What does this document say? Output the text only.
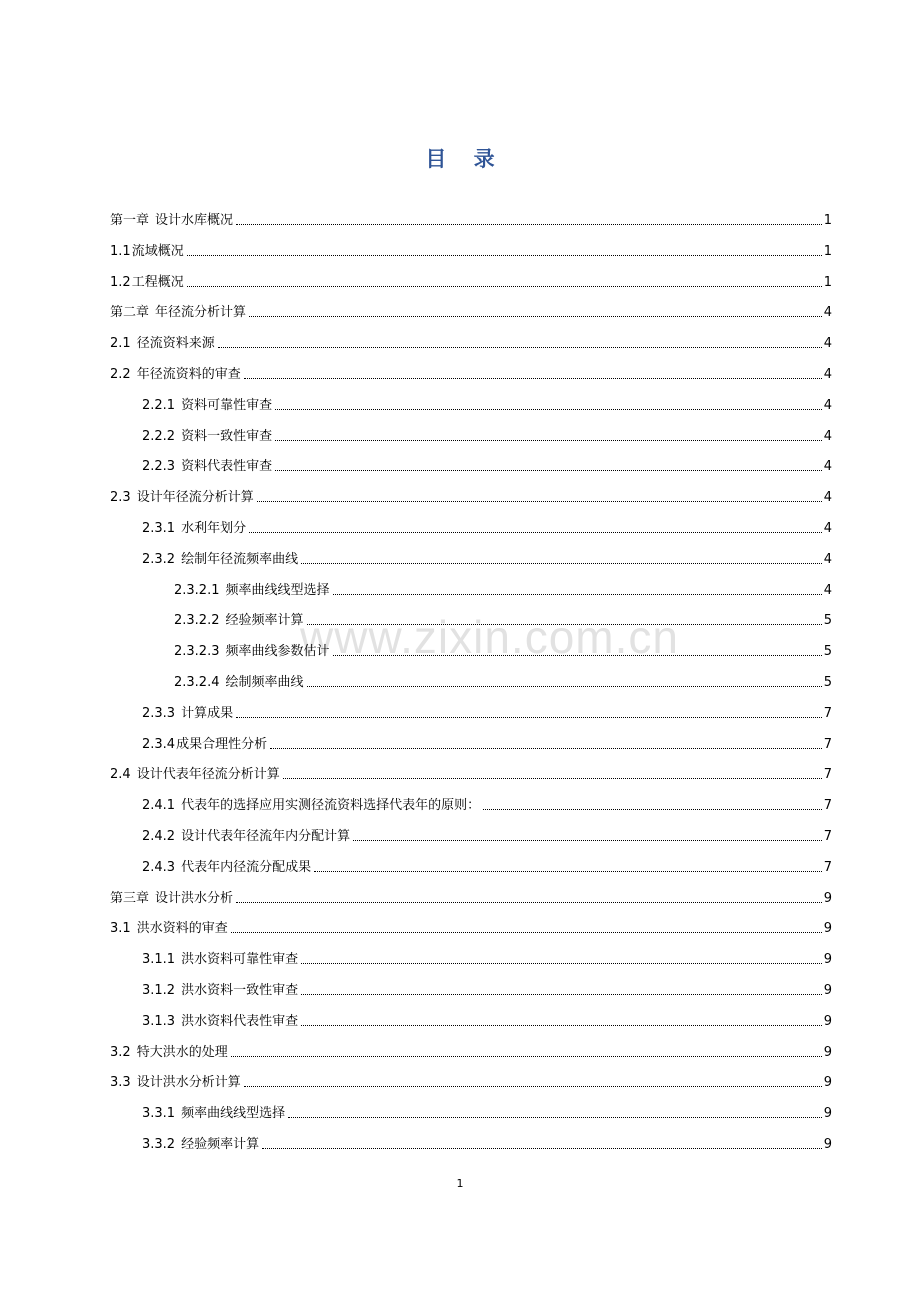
目 录
www.zixin.com.cn
第一章 设计水库概况	1
1.1 流域概况	1
1.2 工程概况	1
第二章 年径流分析计算	4
2.1 径流资料来源	4
2.2 年径流资料的审查	4
2.2.1 资料可靠性审查	4
2.2.2 资料一致性审查	4
2.2.3 资料代表性审查	4
2.3 设计年径流分析计算	4
2.3.1 水利年划分	4
2.3.2 绘制年径流频率曲线	4
2.3.2.1 频率曲线线型选择	4
2.3.2.2 经验频率计算	5
2.3.2.3 频率曲线参数估计	5
2.3.2.4 绘制频率曲线	5
2.3.3 计算成果	7
2.3.4 成果合理性分析	7
2.4 设计代表年径流分析计算	7
2.4.1 代表年的选择应用实测径流资料选择代表年的原则：	7
2.4.2 设计代表年径流年内分配计算	7
2.4.3 代表年内径流分配成果	7
第三章 设计洪水分析	9
3.1 洪水资料的审查	9
3.1.1 洪水资料可靠性审查	9
3.1.2 洪水资料一致性审查	9
3.1.3 洪水资料代表性审查	9
3.2 特大洪水的处理	9
3.3 设计洪水分析计算	9
3.3.1 频率曲线线型选择	9
3.3.2 经验频率计算	9
1
